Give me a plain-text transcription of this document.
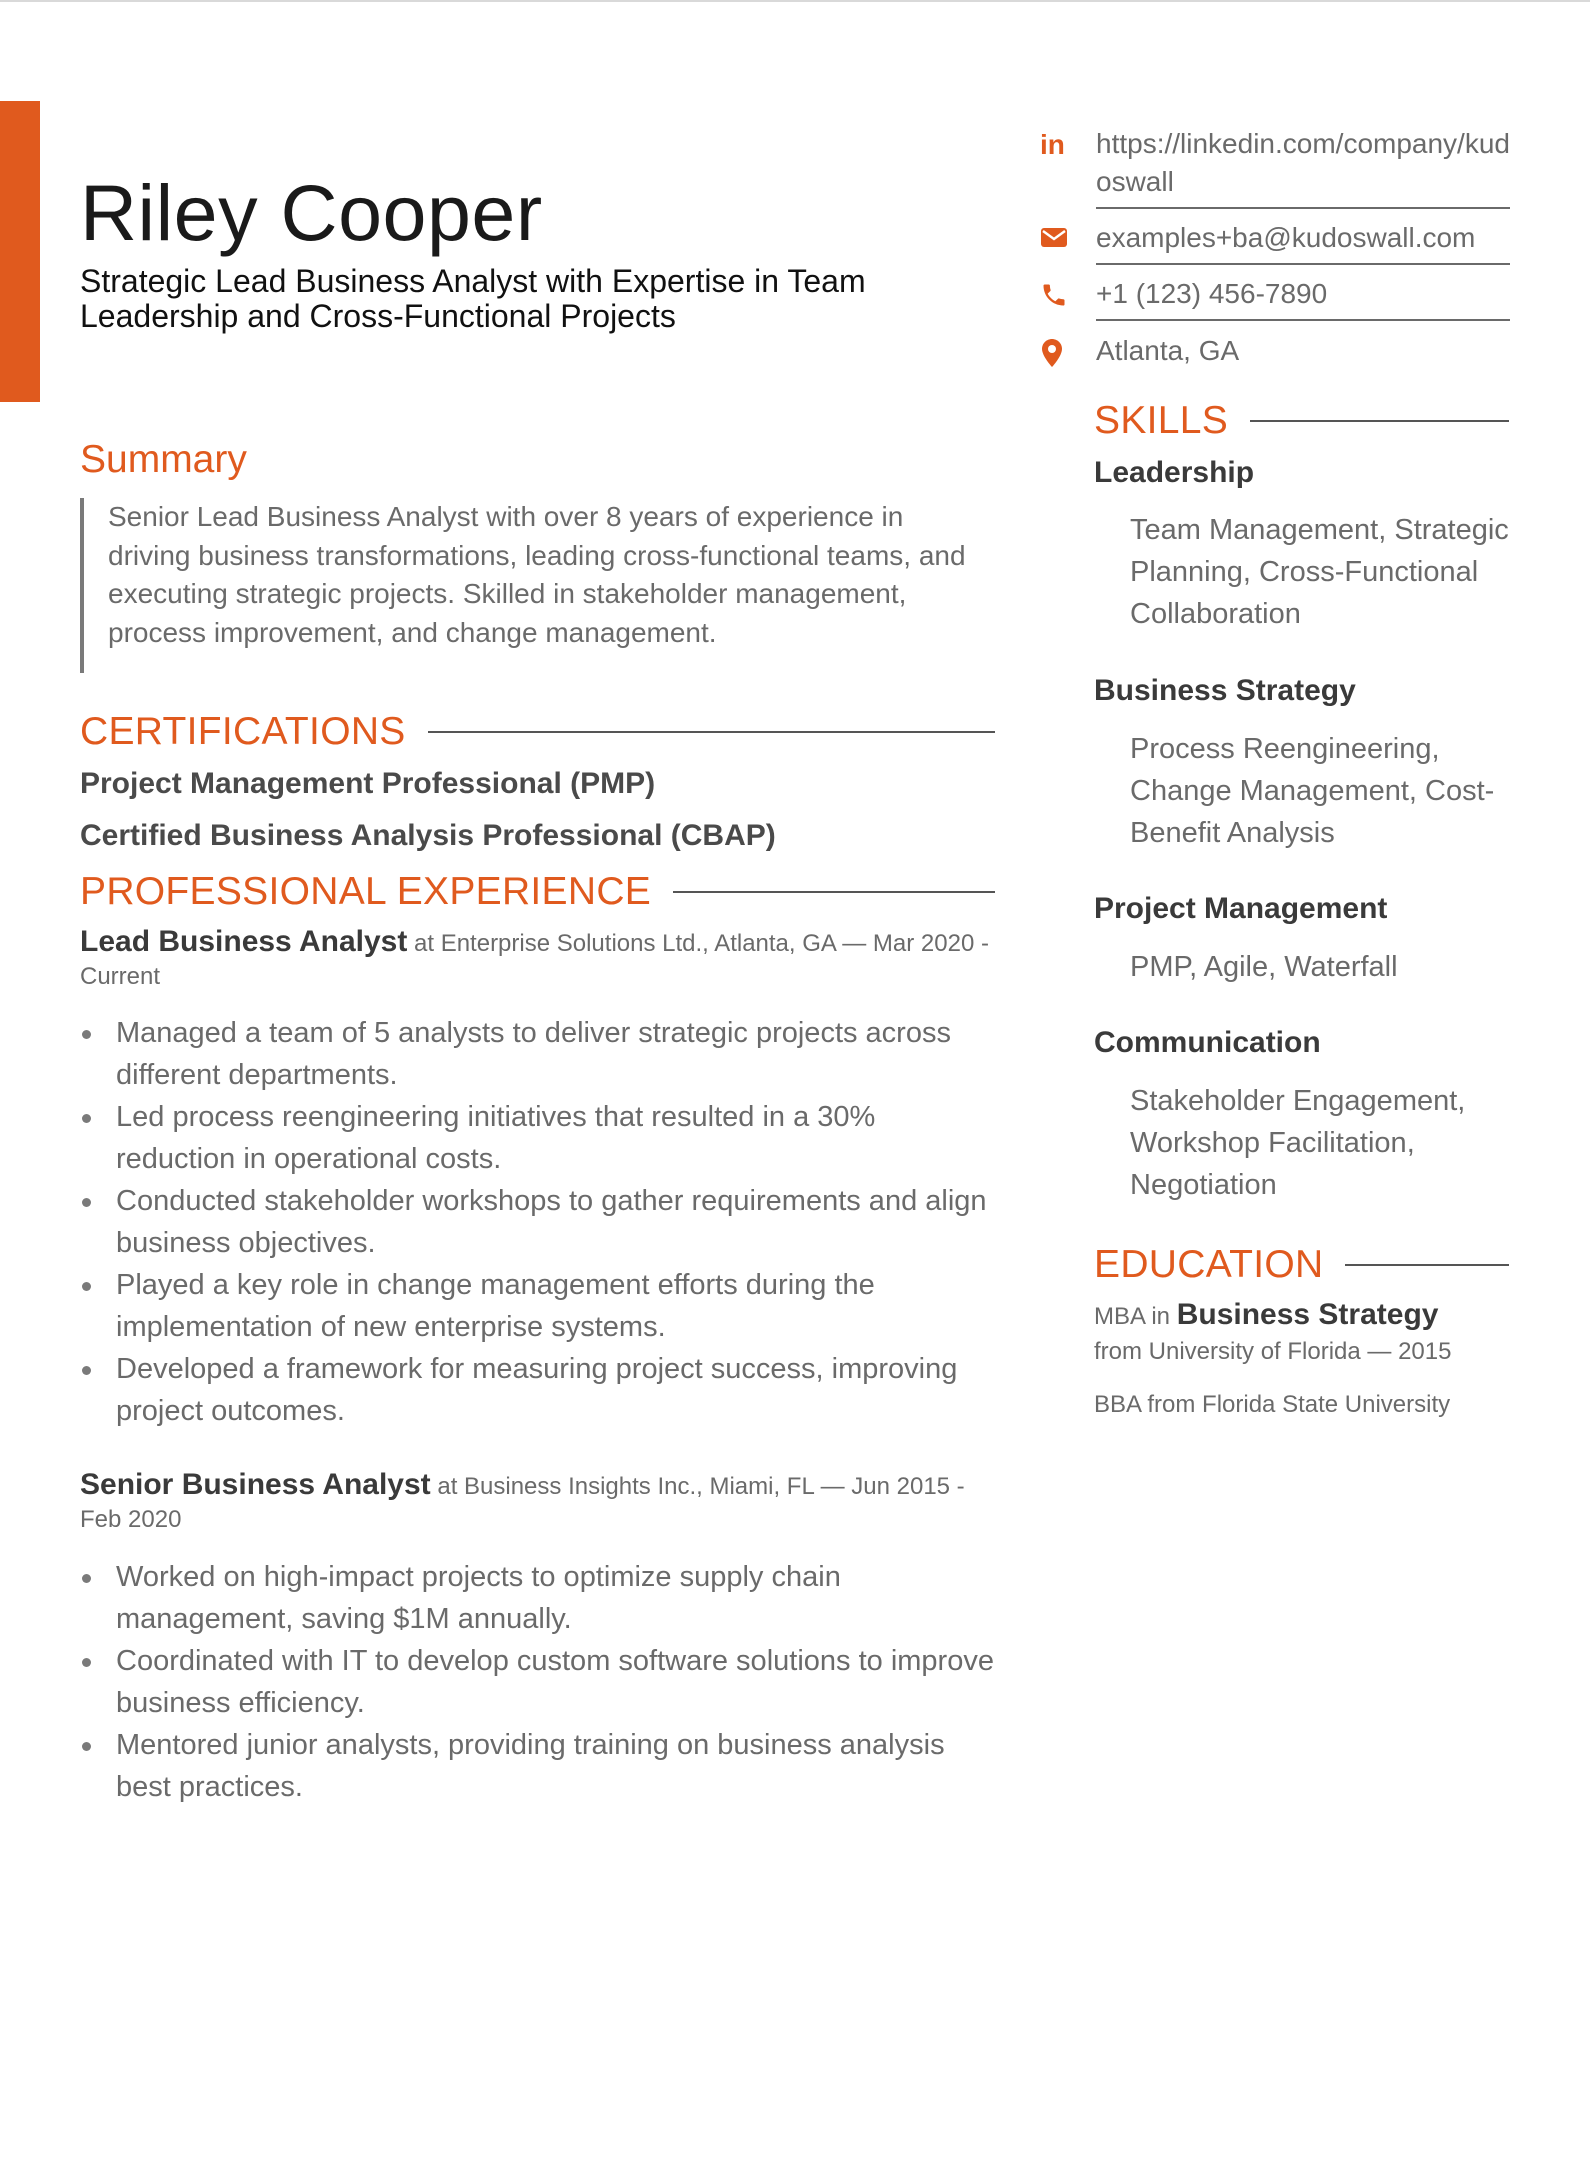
Riley Cooper
Strategic Lead Business Analyst with Expertise in Team Leadership and Cross-Functional Projects
Summary
Senior Lead Business Analyst with over 8 years of experience in driving business transformations, leading cross-functional teams, and executing strategic projects. Skilled in stakeholder management, process improvement, and change management.
CERTIFICATIONS
Project Management Professional (PMP)
Certified Business Analysis Professional (CBAP)
PROFESSIONAL EXPERIENCE
Lead Business Analyst at Enterprise Solutions Ltd., Atlanta, GA — Mar 2020 - Current
Managed a team of 5 analysts to deliver strategic projects across different departments.
Led process reengineering initiatives that resulted in a 30% reduction in operational costs.
Conducted stakeholder workshops to gather requirements and align business objectives.
Played a key role in change management efforts during the implementation of new enterprise systems.
Developed a framework for measuring project success, improving project outcomes.
Senior Business Analyst at Business Insights Inc., Miami, FL — Jun 2015 - Feb 2020
Worked on high-impact projects to optimize supply chain management, saving $1M annually.
Coordinated with IT to develop custom software solutions to improve business efficiency.
Mentored junior analysts, providing training on business analysis best practices.
in https://linkedin.com/company/kudoswall
examples+ba@kudoswall.com
+1 (123) 456-7890
Atlanta, GA
SKILLS
Leadership
Team Management, Strategic Planning, Cross-Functional Collaboration
Business Strategy
Process Reengineering, Change Management, Cost-Benefit Analysis
Project Management
PMP, Agile, Waterfall
Communication
Stakeholder Engagement, Workshop Facilitation, Negotiation
EDUCATION
MBA in Business Strategy
from University of Florida — 2015
BBA from Florida State University
